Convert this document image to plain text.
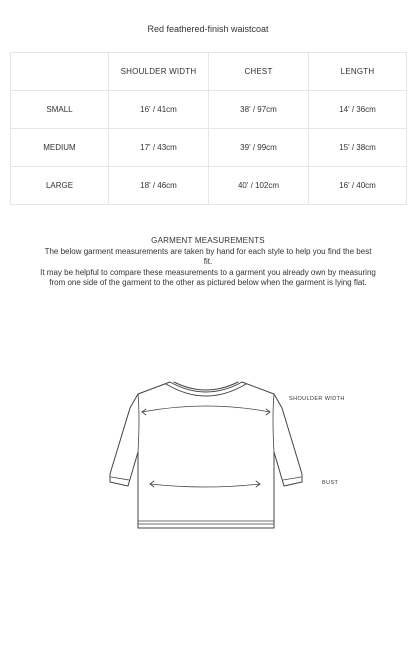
Red feathered-finish waistcoat
	SHOULDER WIDTH	CHEST	LENGTH
SMALL	16' / 41cm	38' / 97cm	14' / 36cm
MEDIUM	17' / 43cm	39' / 99cm	15' / 38cm
LARGE	18' / 46cm	40' / 102cm	16' / 40cm
GARMENT MEASUREMENTS
The below garment measurements are taken by hand for each style to help you find the best fit.
It may be helpful to compare these measurements to a garment you already own by measuring from one side of the garment to the other as pictured below when the garment is lying flat.
SHOULDER WIDTH
BUST
